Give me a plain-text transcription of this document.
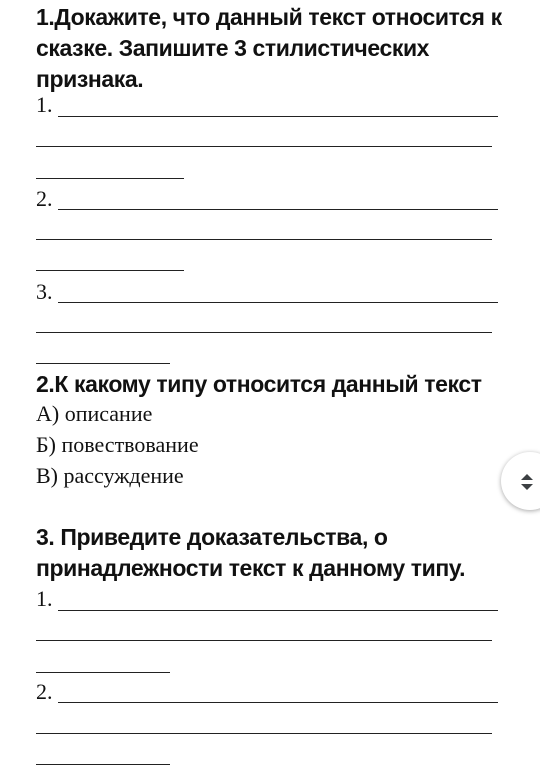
1.Докажите, что данный текст относится к сказке. Запишите 3 стилистических признака.

1.
2.
3.

2.К какому типу относится данный текст

А) описание
Б) повествование
В) рассуждение

3. Приведите доказательства, о принадлежности текст к данному типу.

1.
2.
